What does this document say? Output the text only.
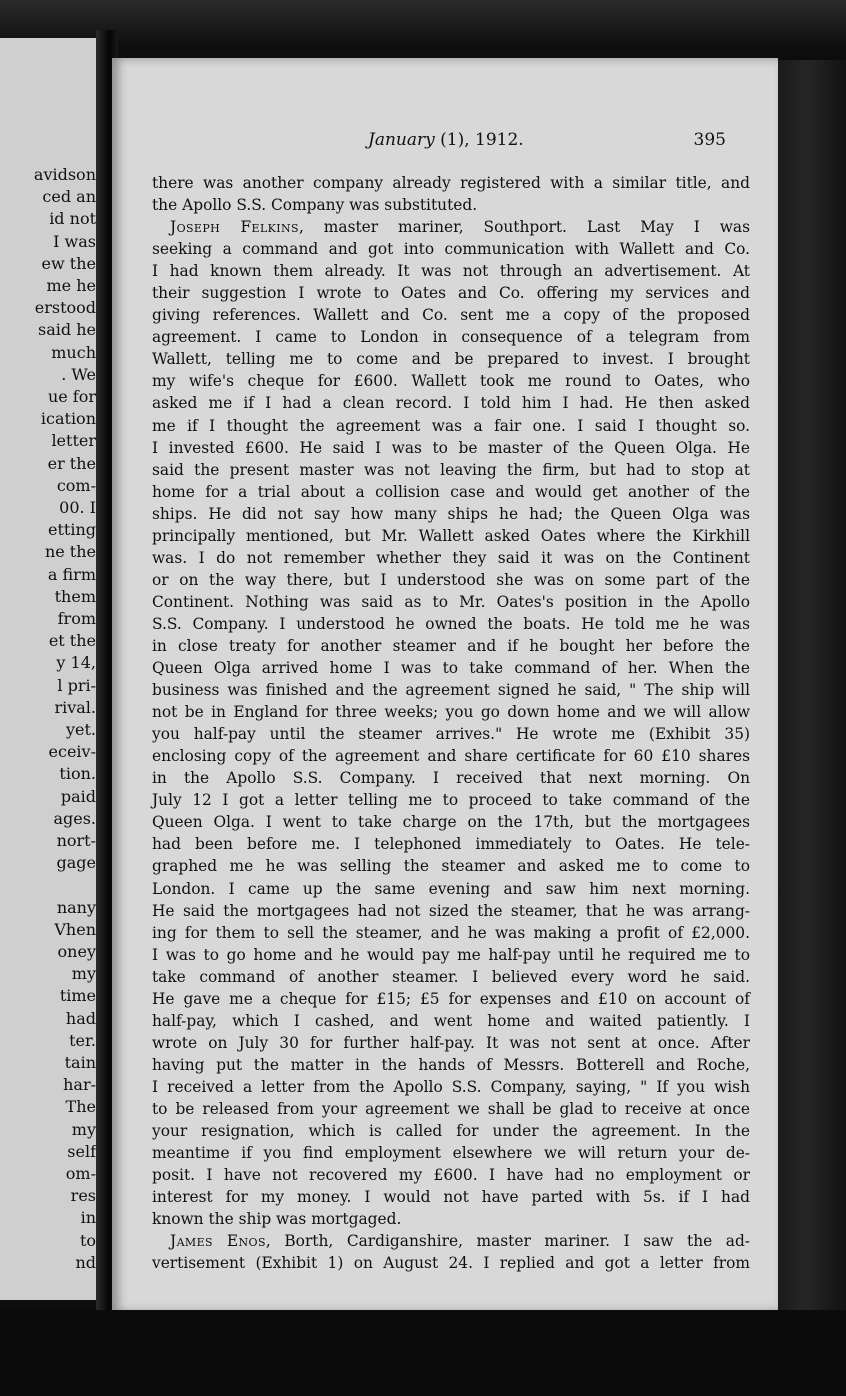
avidson
ced an
id not
I was
ew the
me he
erstood
said he
much
. We
ue for
ication
letter
er the
com-
00. I
etting
ne the
a firm
them
from
et the
y 14,
l pri-
rival.
yet.
eceiv-
tion.
paid
ages.
nort-
gage
nany
Vhen
oney
my
time
had
ter.
tain
har-
The
my
self
om-
res
in
to
nd
January (1), 1912.	395
there was another company already registered with a similar title, and
the Apollo S.S. Company was substituted.
Joseph Felkins, master mariner, Southport. Last May I was
seeking a command and got into communication with Wallett and Co.
I had known them already. It was not through an advertisement. At
their suggestion I wrote to Oates and Co. offering my services and
giving references. Wallett and Co. sent me a copy of the proposed
agreement. I came to London in consequence of a telegram from
Wallett, telling me to come and be prepared to invest. I brought
my wife's cheque for £600. Wallett took me round to Oates, who
asked me if I had a clean record. I told him I had. He then asked
me if I thought the agreement was a fair one. I said I thought so.
I invested £600. He said I was to be master of the Queen Olga. He
said the present master was not leaving the firm, but had to stop at
home for a trial about a collision case and would get another of the
ships. He did not say how many ships he had; the Queen Olga was
principally mentioned, but Mr. Wallett asked Oates where the Kirkhill
was. I do not remember whether they said it was on the Continent
or on the way there, but I understood she was on some part of the
Continent. Nothing was said as to Mr. Oates's position in the Apollo
S.S. Company. I understood he owned the boats. He told me he was
in close treaty for another steamer and if he bought her before the
Queen Olga arrived home I was to take command of her. When the
business was finished and the agreement signed he said, " The ship will
not be in England for three weeks; you go down home and we will allow
you half-pay until the steamer arrives." He wrote me (Exhibit 35)
enclosing copy of the agreement and share certificate for 60 £10 shares
in the Apollo S.S. Company. I received that next morning. On
July 12 I got a letter telling me to proceed to take command of the
Queen Olga. I went to take charge on the 17th, but the mortgagees
had been before me. I telephoned immediately to Oates. He tele-
graphed me he was selling the steamer and asked me to come to
London. I came up the same evening and saw him next morning.
He said the mortgagees had not sized the steamer, that he was arrang-
ing for them to sell the steamer, and he was making a profit of £2,000.
I was to go home and he would pay me half-pay until he required me to
take command of another steamer. I believed every word he said.
He gave me a cheque for £15; £5 for expenses and £10 on account of
half-pay, which I cashed, and went home and waited patiently. I
wrote on July 30 for further half-pay. It was not sent at once. After
having put the matter in the hands of Messrs. Botterell and Roche,
I received a letter from the Apollo S.S. Company, saying, " If you wish
to be released from your agreement we shall be glad to receive at once
your resignation, which is called for under the agreement. In the
meantime if you find employment elsewhere we will return your de-
posit. I have not recovered my £600. I have had no employment or
interest for my money. I would not have parted with 5s. if I had
known the ship was mortgaged.
James Enos, Borth, Cardiganshire, master mariner. I saw the ad-
vertisement (Exhibit 1) on August 24. I replied and got a letter from
